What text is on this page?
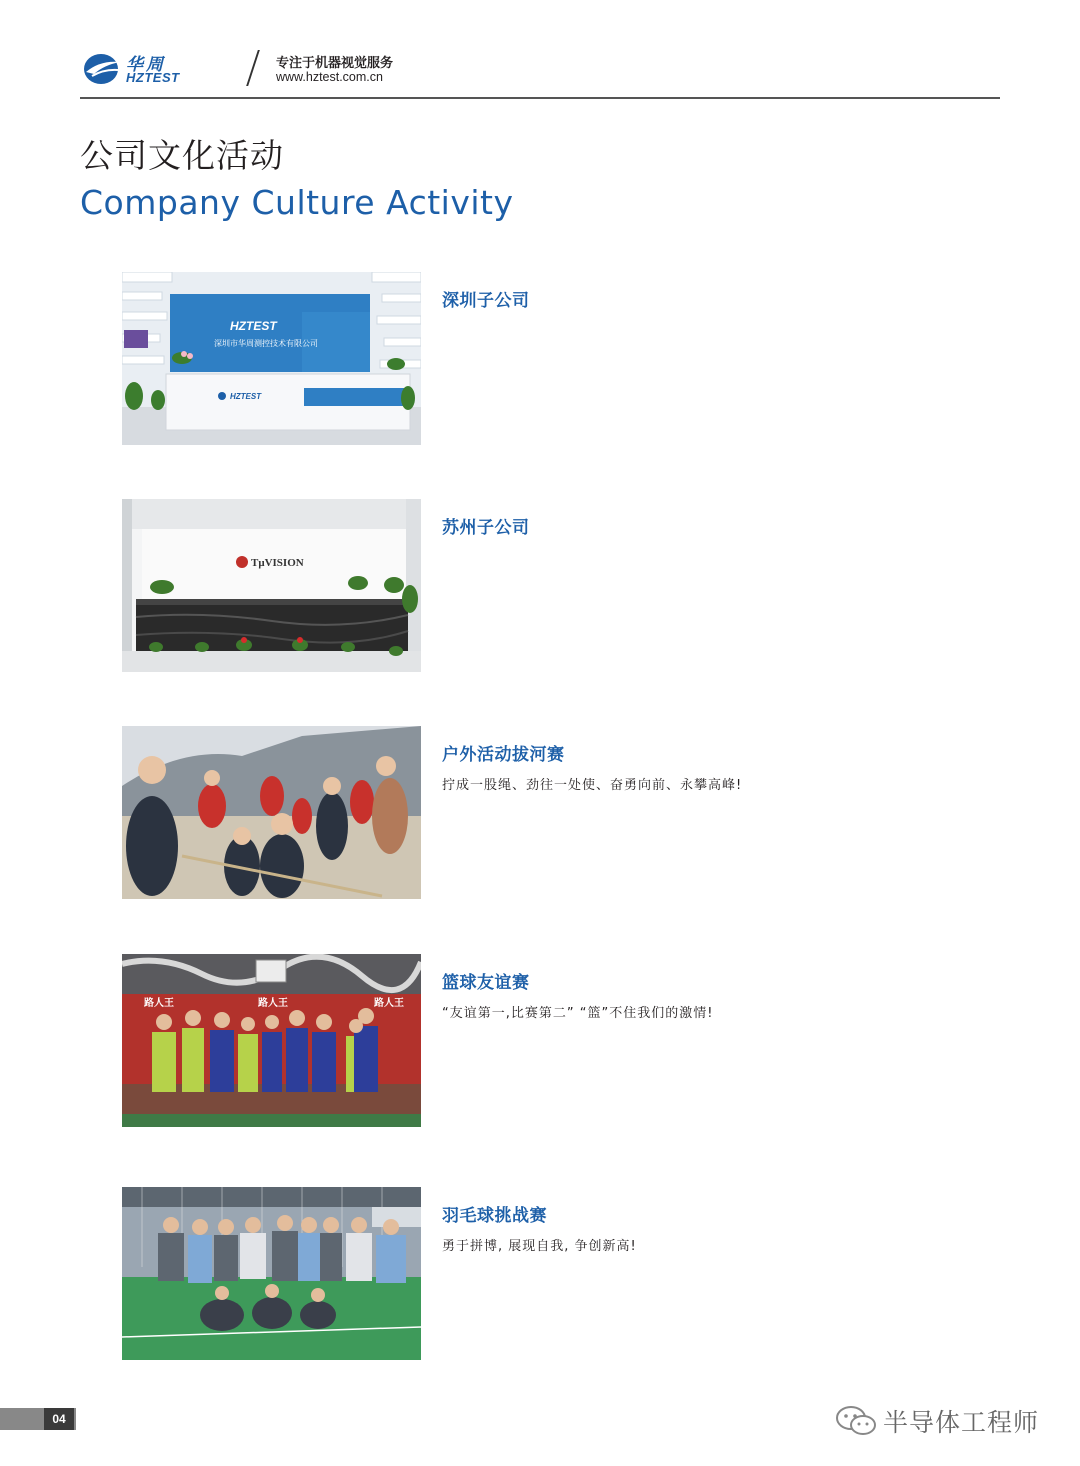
华周
HZTEST
专注于机器视觉服务
www.hztest.com.cn
公司文化活动
Company Culture Activity
HZTEST
深圳市华周测控技术有限公司
HZTEST
深圳子公司
TμVISION
苏州子公司
户外活动拔河赛
拧成一股绳、劲往一处使、奋勇向前、永攀高峰!
路人王	路人王	路人王
篮球友谊赛
“友谊第一,比赛第二” “篮”不住我们的激情!
羽毛球挑战赛
勇于拼博, 展现自我, 争创新高!
04	半导体工程师
